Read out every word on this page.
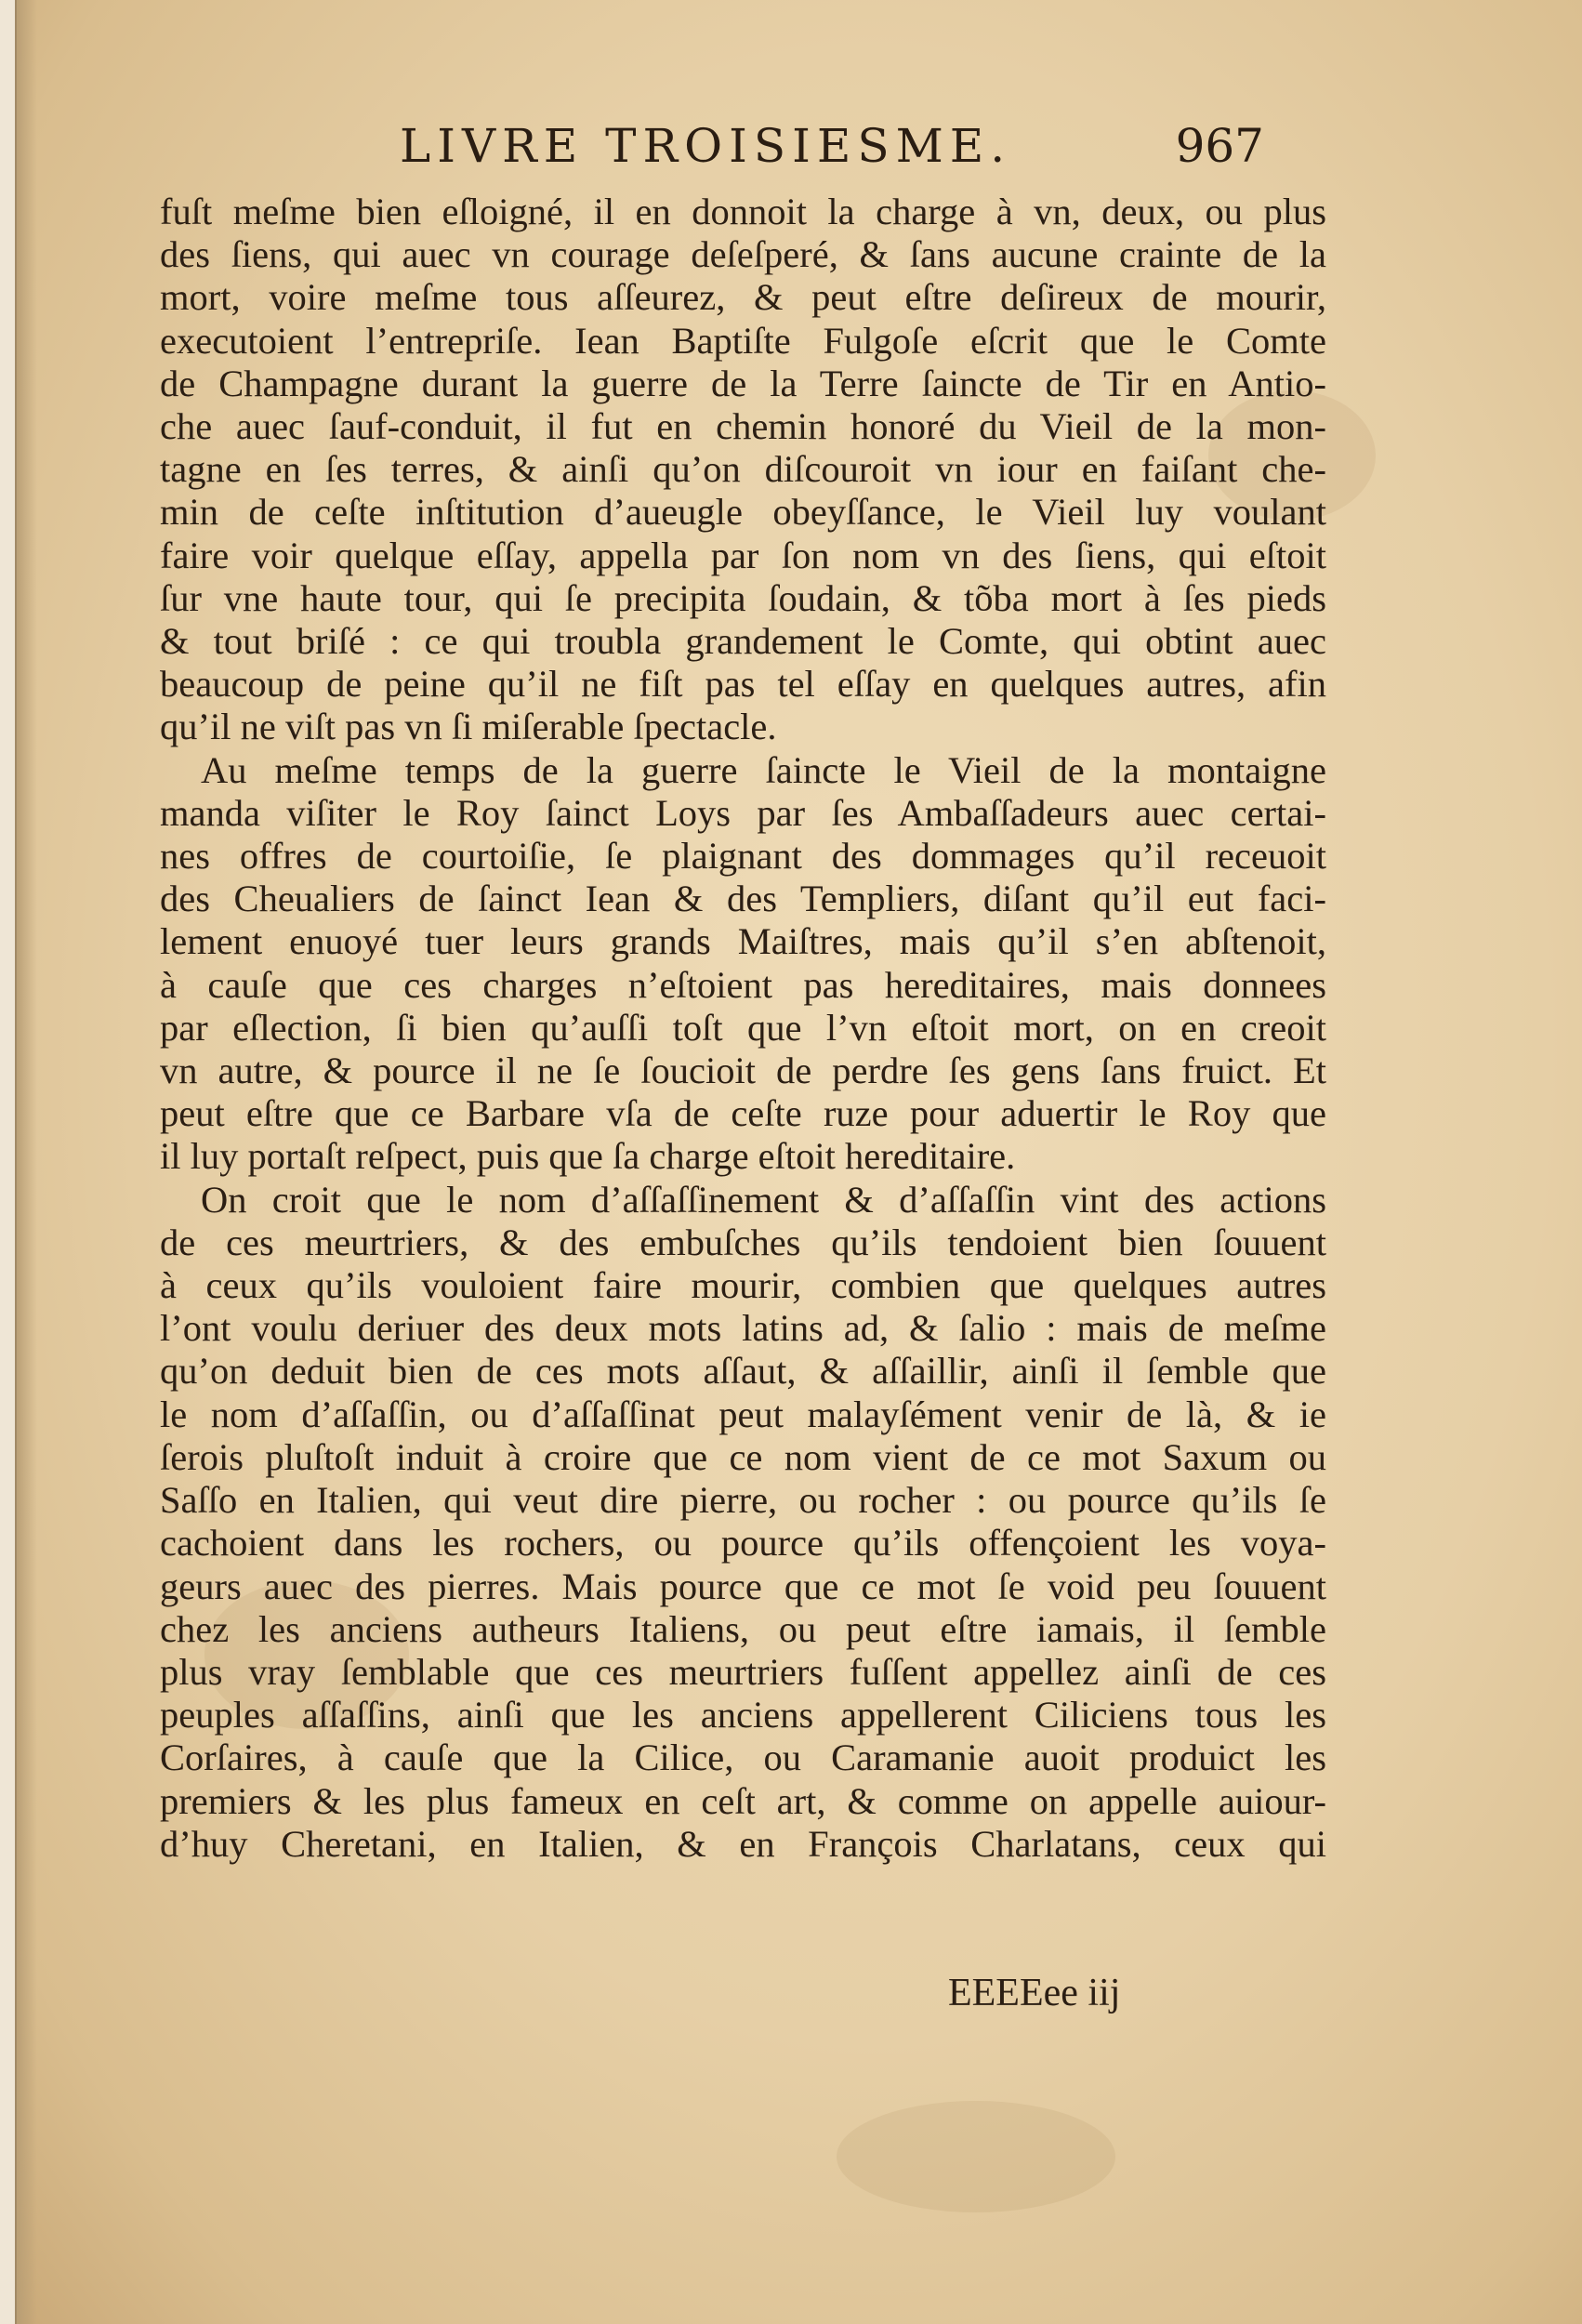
LIVRE TROISIESME.	967
fuſt meſme bien eſloigné, il en donnoit la charge à vn, deux, ou plus
des ſiens, qui auec vn courage deſeſperé, & ſans aucune crainte de la
mort, voire meſme tous aſſeurez, & peut eſtre deſireux de mourir,
executoient l’entrepriſe. Iean Baptiſte Fulgoſe eſcrit que le Comte
de Champagne durant la guerre de la Terre ſaincte de Tir en Antio-
che auec ſauf-conduit, il fut en chemin honoré du Vieil de la mon-
tagne en ſes terres, & ainſi qu’on diſcouroit vn iour en faiſant che-
min de ceſte inſtitution d’aueugle obeyſſance, le Vieil luy voulant
faire voir quelque eſſay, appella par ſon nom vn des ſiens, qui eſtoit
ſur vne haute tour, qui ſe precipita ſoudain, & tõba mort à ſes pieds
& tout briſé : ce qui troubla grandement le Comte, qui obtint auec
beaucoup de peine qu’il ne fiſt pas tel eſſay en quelques autres, afin
qu’il ne viſt pas vn ſi miſerable ſpectacle.
Au meſme temps de la guerre ſaincte le Vieil de la montaigne
manda viſiter le Roy ſainct Loys par ſes Ambaſſadeurs auec certai-
nes offres de courtoiſie, ſe plaignant des dommages qu’il receuoit
des Cheualiers de ſainct Iean & des Templiers, diſant qu’il eut faci-
lement enuoyé tuer leurs grands Maiſtres, mais qu’il s’en abſtenoit,
à cauſe que ces charges n’eſtoient pas hereditaires, mais donnees
par eſlection, ſi bien qu’auſſi toſt que l’vn eſtoit mort, on en creoit
vn autre, & pource il ne ſe ſoucioit de perdre ſes gens ſans fruict. Et
peut eſtre que ce Barbare vſa de ceſte ruze pour aduertir le Roy que
il luy portaſt reſpect, puis que ſa charge eſtoit hereditaire.
On croit que le nom d’aſſaſſinement & d’aſſaſſin vint des actions
de ces meurtriers, & des embuſches qu’ils tendoient bien ſouuent
à ceux qu’ils vouloient faire mourir, combien que quelques autres
l’ont voulu deriuer des deux mots latins ad, & ſalio : mais de meſme
qu’on deduit bien de ces mots aſſaut, & aſſaillir, ainſi il ſemble que
le nom d’aſſaſſin, ou d’aſſaſſinat peut malayſément venir de là, & ie
ſerois pluſtoſt induit à croire que ce nom vient de ce mot Saxum ou
Saſſo en Italien, qui veut dire pierre, ou rocher : ou pource qu’ils ſe
cachoient dans les rochers, ou pource qu’ils offençoient les voya-
geurs auec des pierres. Mais pource que ce mot ſe void peu ſouuent
chez les anciens autheurs Italiens, ou peut eſtre iamais, il ſemble
plus vray ſemblable que ces meurtriers fuſſent appellez ainſi de ces
peuples aſſaſſins, ainſi que les anciens appellerent Ciliciens tous les
Corſaires, à cauſe que la Cilice, ou Caramanie auoit produict les
premiers & les plus fameux en ceſt art, & comme on appelle auiour-
d’huy Cheretani, en Italien, & en François Charlatans, ceux qui
EEEEee iij
